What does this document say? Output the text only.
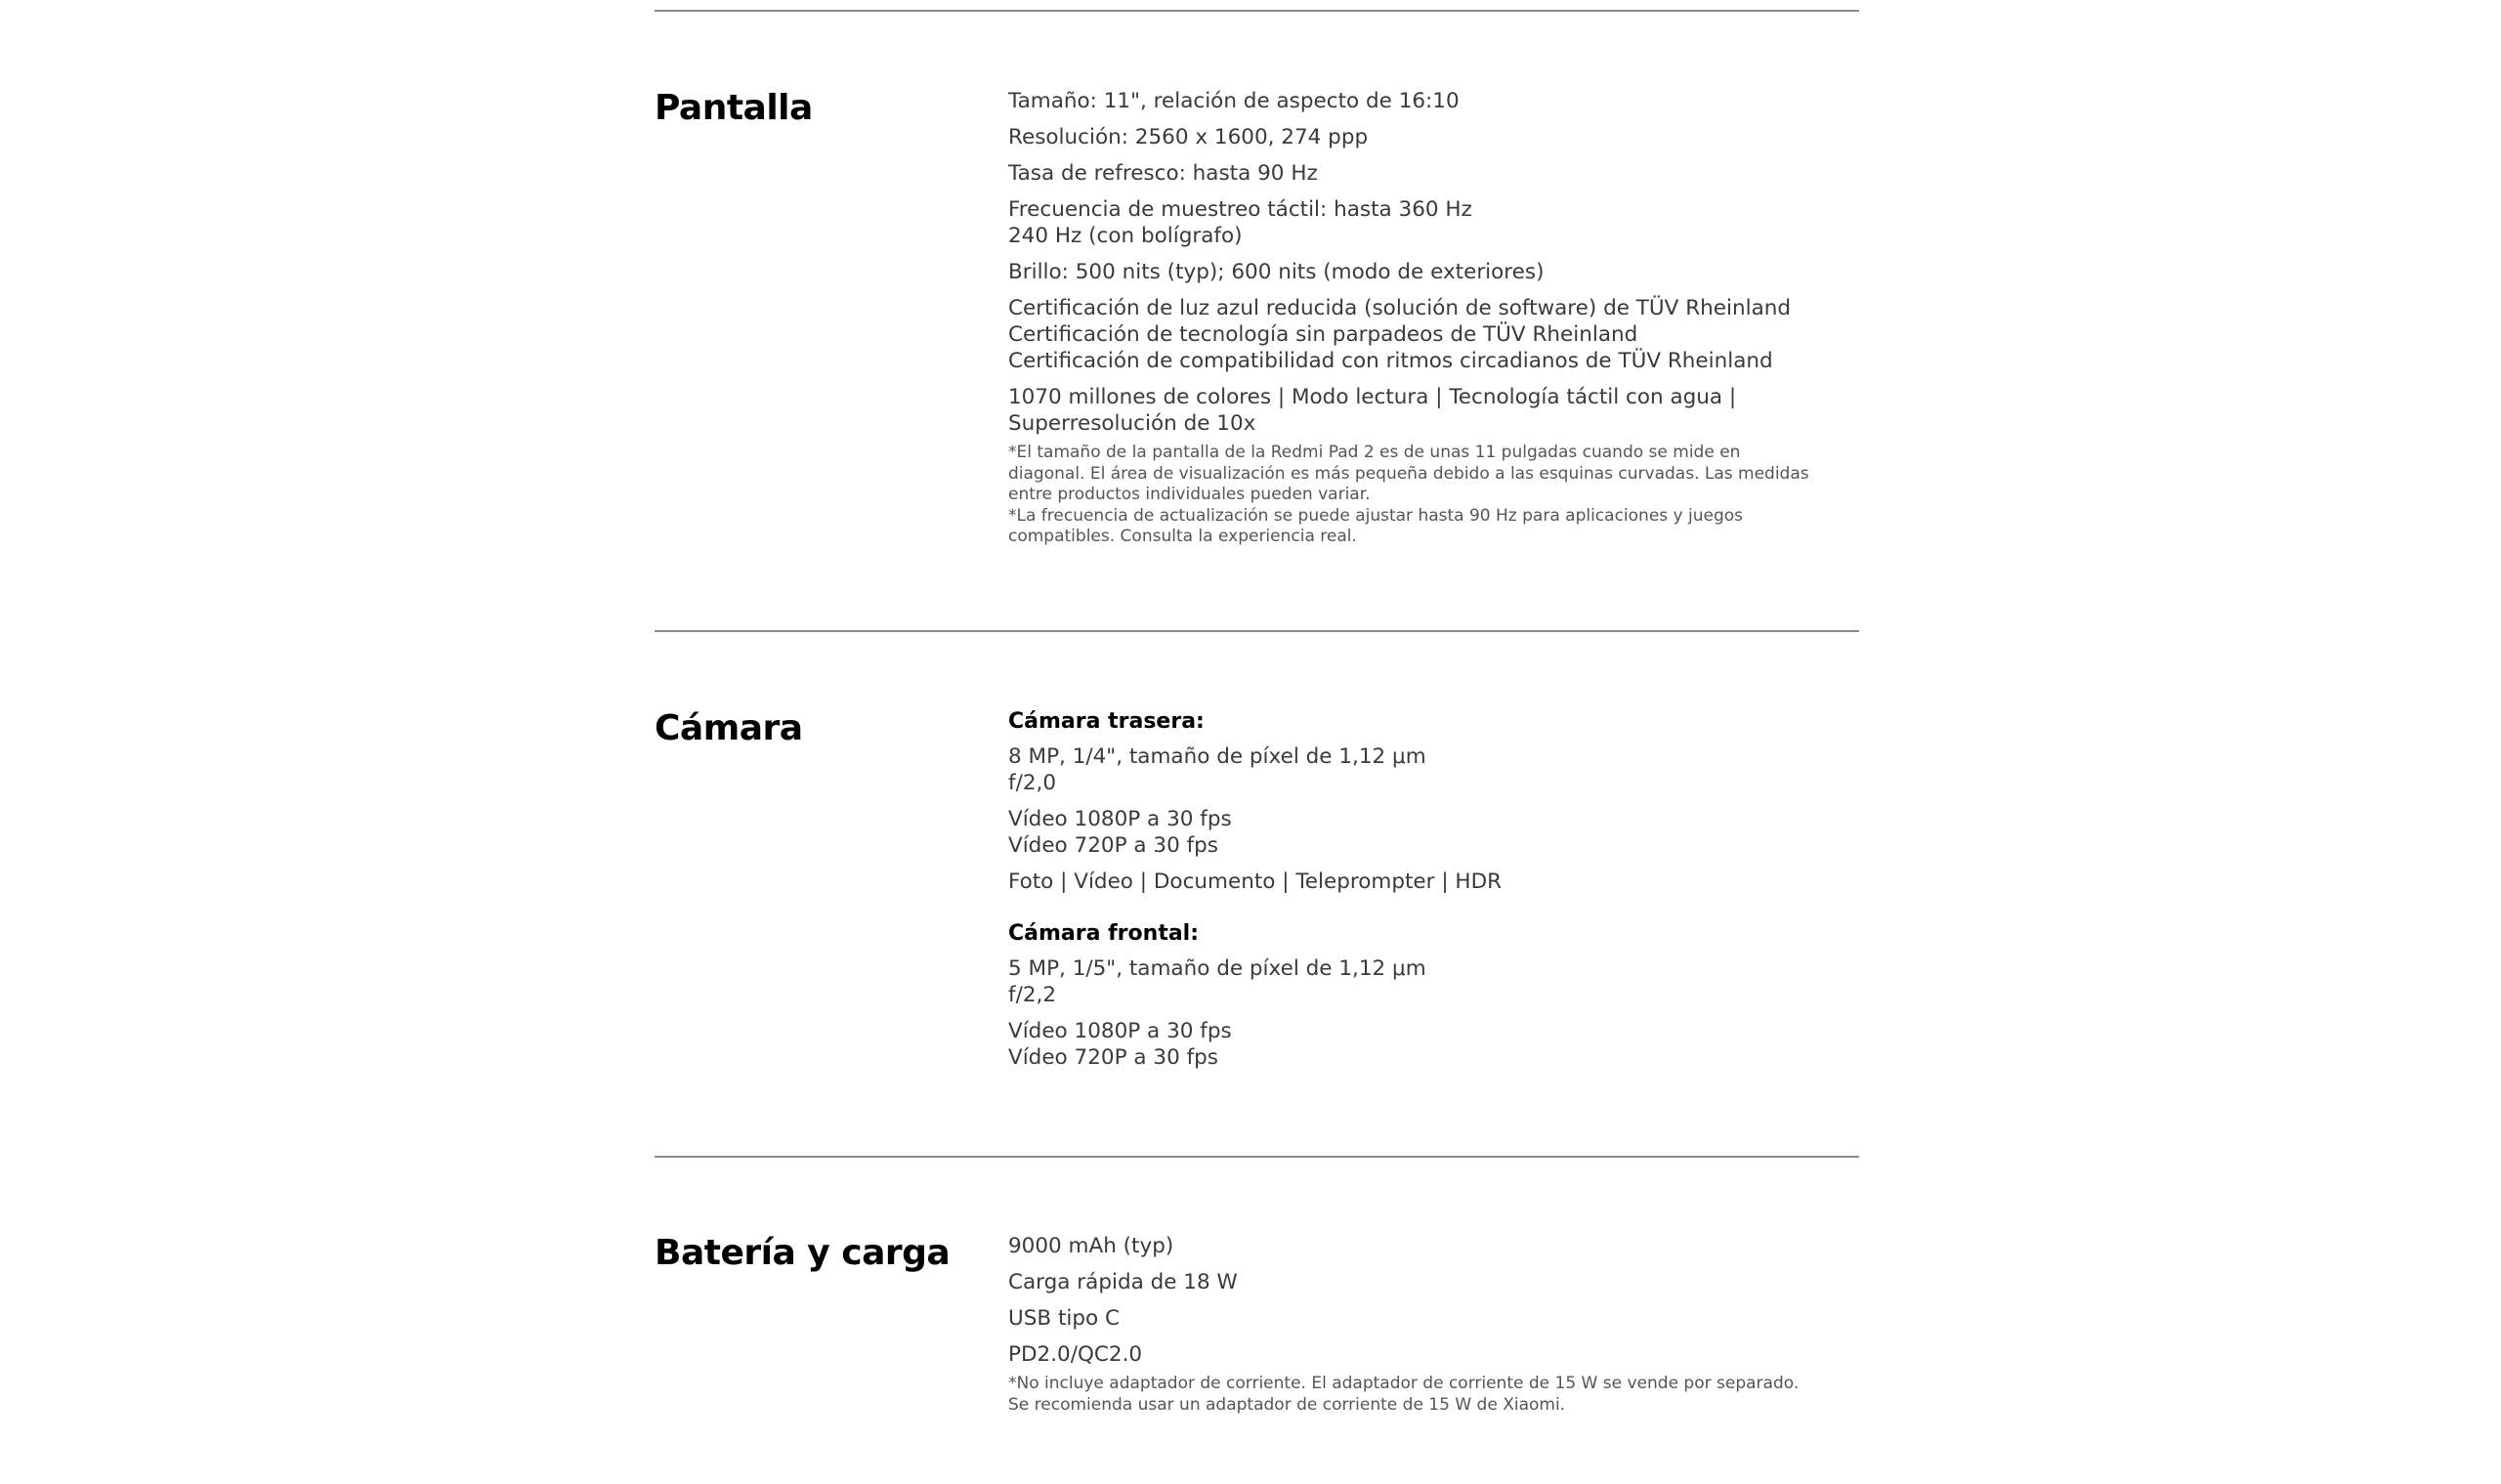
Pantalla	Tamaño: 11", relación de aspecto de 16:10
Resolución: 2560 x 1600, 274 ppp
Tasa de refresco: hasta 90 Hz
Frecuencia de muestreo táctil: hasta 360 Hz
240 Hz (con bolígrafo)
Brillo: 500 nits (typ); 600 nits (modo de exteriores)
Certificación de luz azul reducida (solución de software) de TÜV Rheinland
Certificación de tecnología sin parpadeos de TÜV Rheinland
Certificación de compatibilidad con ritmos circadianos de TÜV Rheinland
1070 millones de colores | Modo lectura | Tecnología táctil con agua |
Superresolución de 10x

*El tamaño de la pantalla de la Redmi Pad 2 es de unas 11 pulgadas cuando se mide en diagonal. El área de visualización es más pequeña debido a las esquinas curvadas. Las medidas entre productos individuales pueden variar.

*La frecuencia de actualización se puede ajustar hasta 90 Hz para aplicaciones y juegos compatibles. Consulta la experiencia real.

Cámara	Cámara trasera:
8 MP, 1/4", tamaño de píxel de 1,12 μm
f/2,0
Vídeo 1080P a 30 fps
Vídeo 720P a 30 fps
Foto | Vídeo | Documento | Teleprompter | HDR
Cámara frontal:
5 MP, 1/5", tamaño de píxel de 1,12 μm
f/2,2
Vídeo 1080P a 30 fps
Vídeo 720P a 30 fps
Batería y carga	9000 mAh (typ)
Carga rápida de 18 W
USB tipo C
PD2.0/QC2.0

*No incluye adaptador de corriente. El adaptador de corriente de 15 W se vende por separado. Se recomienda usar un adaptador de corriente de 15 W de Xiaomi.
